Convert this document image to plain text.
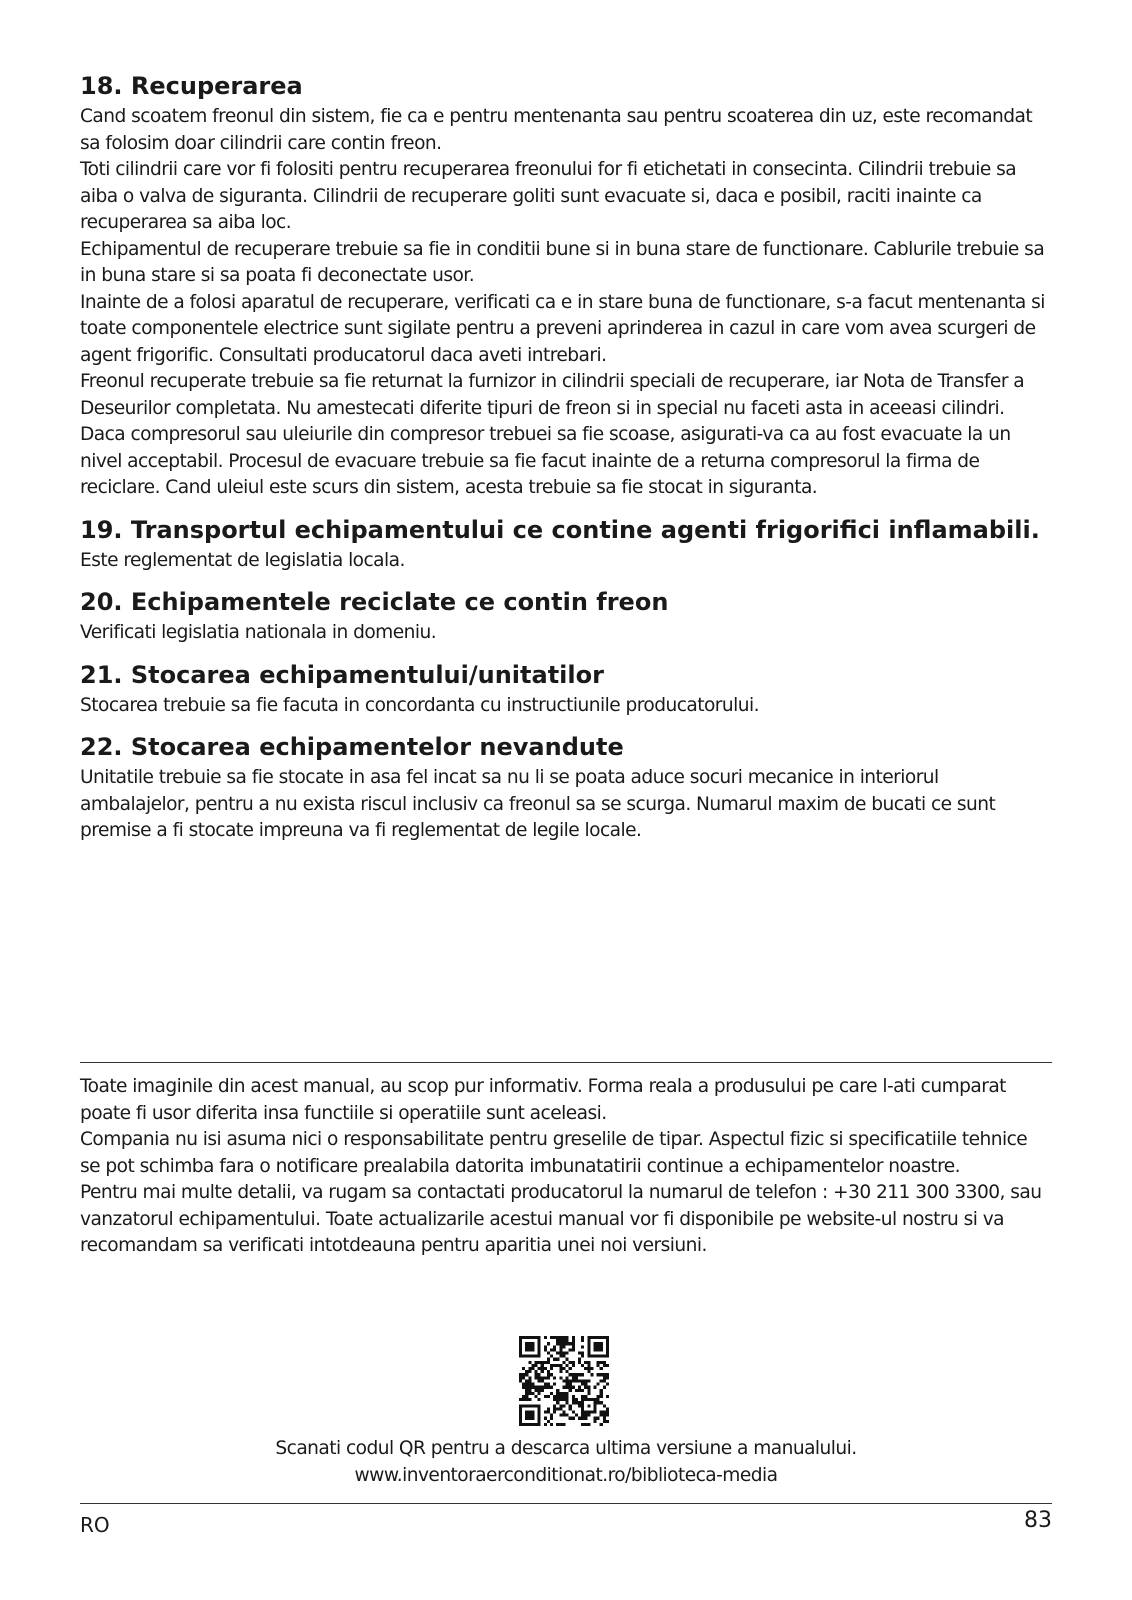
18. Recuperarea

Cand scoatem freonul din sistem, fie ca e pentru mentenanta sau pentru scoaterea din uz, este recomandat sa folosim doar cilindrii care contin freon.

Toti cilindrii care vor fi folositi pentru recuperarea freonului for fi etichetati in consecinta. Cilindrii trebuie sa aiba o valva de siguranta. Cilindrii de recuperare goliti sunt evacuate si, daca e posibil, raciti inainte ca recuperarea sa aiba loc.

Echipamentul de recuperare trebuie sa fie in conditii bune si in buna stare de functionare. Cablurile trebuie sa in buna stare si sa poata fi deconectate usor.

Inainte de a folosi aparatul de recuperare, verificati ca e in stare buna de functionare, s-a facut mentenanta si toate componentele electrice sunt sigilate pentru a preveni aprinderea in cazul in care vom avea scurgeri de agent frigorific. Consultati producatorul daca aveti intrebari.

Freonul recuperate trebuie sa fie returnat la furnizor in cilindrii speciali de recuperare, iar Nota de Transfer a Deseurilor completata. Nu amestecati diferite tipuri de freon si in special nu faceti asta in aceeasi cilindri.

Daca compresorul sau uleiurile din compresor trebuei sa fie scoase, asigurati-va ca au fost evacuate la un nivel acceptabil. Procesul de evacuare trebuie sa fie facut inainte de a returna compresorul la firma de reciclare. Cand uleiul este scurs din sistem, acesta trebuie sa fie stocat in siguranta.

19. Transportul echipamentului ce contine agenti frigorifici inflamabili.

Este reglementat de legislatia locala.

20. Echipamentele reciclate ce contin freon

Verificati legislatia nationala in domeniu.

21. Stocarea echipamentului/unitatilor

Stocarea trebuie sa fie facuta in concordanta cu instructiunile producatorului.

22. Stocarea echipamentelor nevandute

Unitatile trebuie sa fie stocate in asa fel incat sa nu li se poata aduce socuri mecanice in interiorul ambalajelor, pentru a nu exista riscul inclusiv ca freonul sa se scurga. Numarul maxim de bucati ce sunt premise a fi stocate impreuna va fi reglementat de legile locale.

Toate imaginile din acest manual, au scop pur informativ. Forma reala a produsului pe care l-ati cumparat poate fi usor diferita insa functiile si operatiile sunt aceleasi.

Compania nu isi asuma nici o responsabilitate pentru greselile de tipar. Aspectul fizic si specificatiile tehnice se pot schimba fara o notificare prealabila datorita imbunatatirii continue a echipamentelor noastre.

Pentru mai multe detalii, va rugam sa contactati producatorul la numarul de telefon : +30 211 300 3300, sau vanzatorul echipamentului. Toate actualizarile acestui manual vor fi disponibile pe website-ul nostru si va recomandam sa verificati intotdeauna pentru aparitia unei noi versiuni.

Scanati codul QR pentru a descarca ultima versiune a manualului.

www.inventoraerconditionat.ro/biblioteca-media

RO	83
